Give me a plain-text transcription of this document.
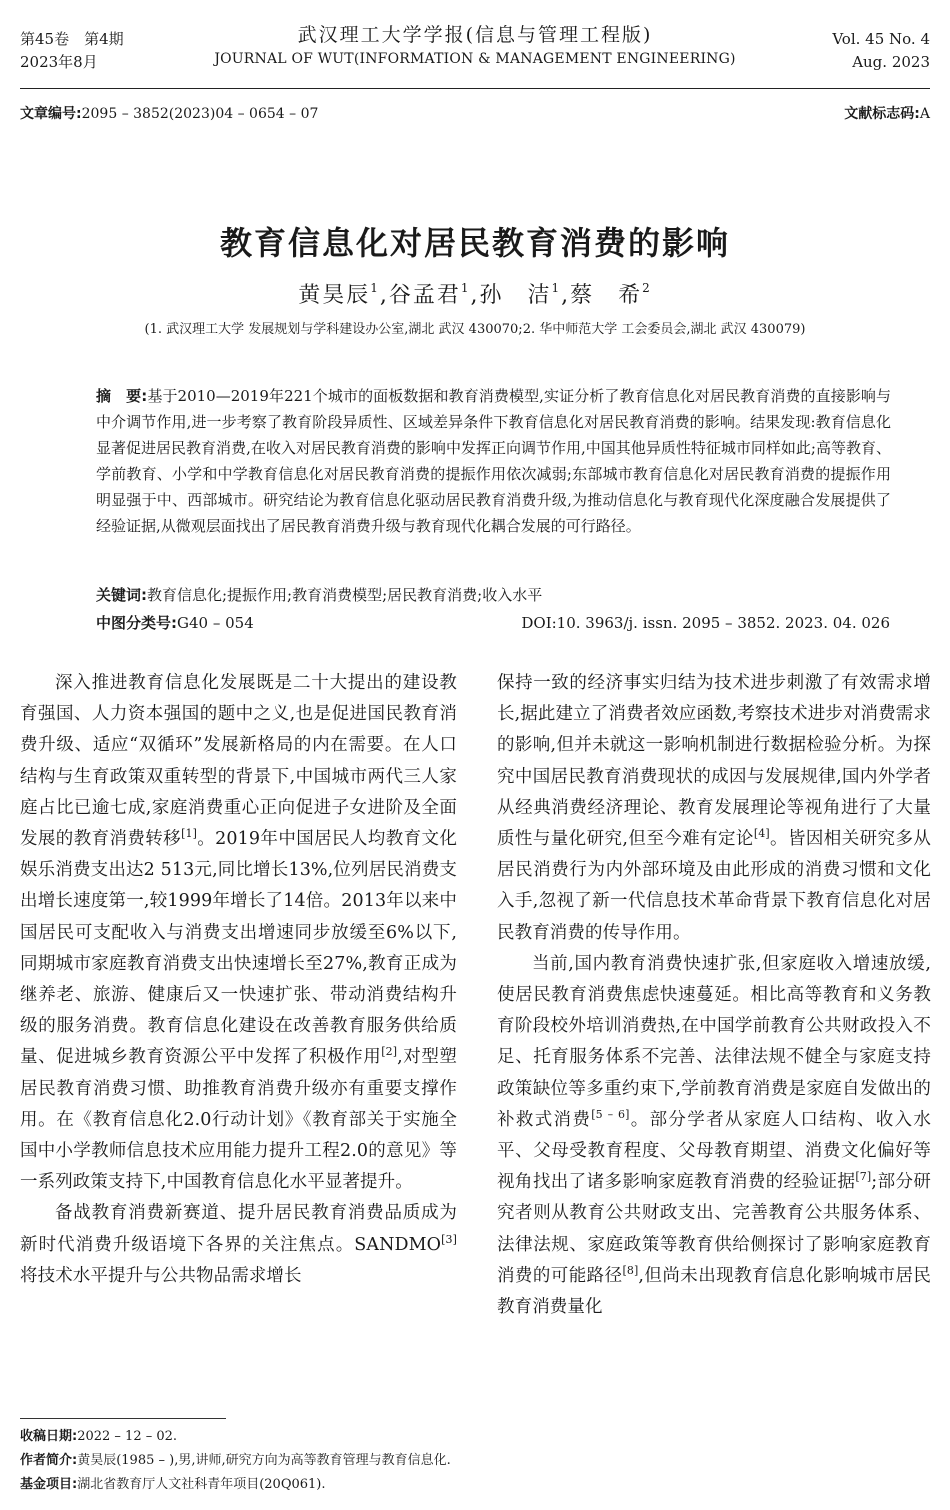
第45卷　第4期
2023年8月
武汉理工大学学报(信息与管理工程版)
JOURNAL OF WUT(INFORMATION & MANAGEMENT ENGINEERING)
Vol. 45 No. 4
Aug. 2023
文章编号:2095 – 3852(2023)04 – 0654 – 07	文献标志码:A
教育信息化对居民教育消费的影响
黄昊辰$^1$,谷孟君$^1$,孙　洁$^1$,蔡　希$^2$
(1. 武汉理工大学 发展规划与学科建设办公室,湖北 武汉 430070;2. 华中师范大学 工会委员会,湖北 武汉 430079)
摘　要:基于2010—2019年221个城市的面板数据和教育消费模型,实证分析了教育信息化对居民教育消费的直接影响与中介调节作用,进一步考察了教育阶段异质性、区域差异条件下教育信息化对居民教育消费的影响。结果发现:教育信息化显著促进居民教育消费,在收入对居民教育消费的影响中发挥正向调节作用,中国其他异质性特征城市同样如此;高等教育、学前教育、小学和中学教育信息化对居民教育消费的提振作用依次减弱;东部城市教育信息化对居民教育消费的提振作用明显强于中、西部城市。研究结论为教育信息化驱动居民教育消费升级,为推动信息化与教育现代化深度融合发展提供了经验证据,从微观层面找出了居民教育消费升级与教育现代化耦合发展的可行路径。
关键词:教育信息化;提振作用;教育消费模型;居民教育消费;收入水平
中图分类号:G40 – 054	DOI:10. 3963/j. issn. 2095 – 3852. 2023. 04. 026

深入推进教育信息化发展既是二十大提出的建设教育强国、人力资本强国的题中之义,也是促进国民教育消费升级、适应“双循环”发展新格局的内在需要。在人口结构与生育政策双重转型的背景下,中国城市两代三人家庭占比已逾七成,家庭消费重心正向促进子女进阶及全面发展的教育消费转移[1]。2019年中国居民人均教育文化娱乐消费支出达2 513元,同比增长13%,位列居民消费支出增长速度第一,较1999年增长了14倍。2013年以来中国居民可支配收入与消费支出增速同步放缓至6%以下,同期城市家庭教育消费支出快速增长至27%,教育正成为继养老、旅游、健康后又一快速扩张、带动消费结构升级的服务消费。教育信息化建设在改善教育服务供给质量、促进城乡教育资源公平中发挥了积极作用[2],对型塑居民教育消费习惯、助推教育消费升级亦有重要支撑作用。在《教育信息化2.0行动计划》《教育部关于实施全国中小学教师信息技术应用能力提升工程2.0的意见》等一系列政策支持下,中国教育信息化水平显著提升。

备战教育消费新赛道、提升居民教育消费品质成为新时代消费升级语境下各界的关注焦点。SANDMO[3]将技术水平提升与公共物品需求增长

保持一致的经济事实归结为技术进步刺激了有效需求增长,据此建立了消费者效应函数,考察技术进步对消费需求的影响,但并未就这一影响机制进行数据检验分析。为探究中国居民教育消费现状的成因与发展规律,国内外学者从经典消费经济理论、教育发展理论等视角进行了大量质性与量化研究,但至今难有定论[4]。皆因相关研究多从居民消费行为内外部环境及由此形成的消费习惯和文化入手,忽视了新一代信息技术革命背景下教育信息化对居民教育消费的传导作用。

当前,国内教育消费快速扩张,但家庭收入增速放缓,使居民教育消费焦虑快速蔓延。相比高等教育和义务教育阶段校外培训消费热,在中国学前教育公共财政投入不足、托育服务体系不完善、法律法规不健全与家庭支持政策缺位等多重约束下,学前教育消费是家庭自发做出的补救式消费[5 – 6]。部分学者从家庭人口结构、收入水平、父母受教育程度、父母教育期望、消费文化偏好等视角找出了诸多影响家庭教育消费的经验证据[7];部分研究者则从教育公共财政支出、完善教育公共服务体系、法律法规、家庭政策等教育供给侧探讨了影响家庭教育消费的可能路径[8],但尚未出现教育信息化影响城市居民教育消费量化

收稿日期:2022 – 12 – 02.
作者简介:黄昊辰(1985 – ),男,讲师,研究方向为高等教育管理与教育信息化.
基金项目:湖北省教育厅人文社科青年项目(20Q061).
